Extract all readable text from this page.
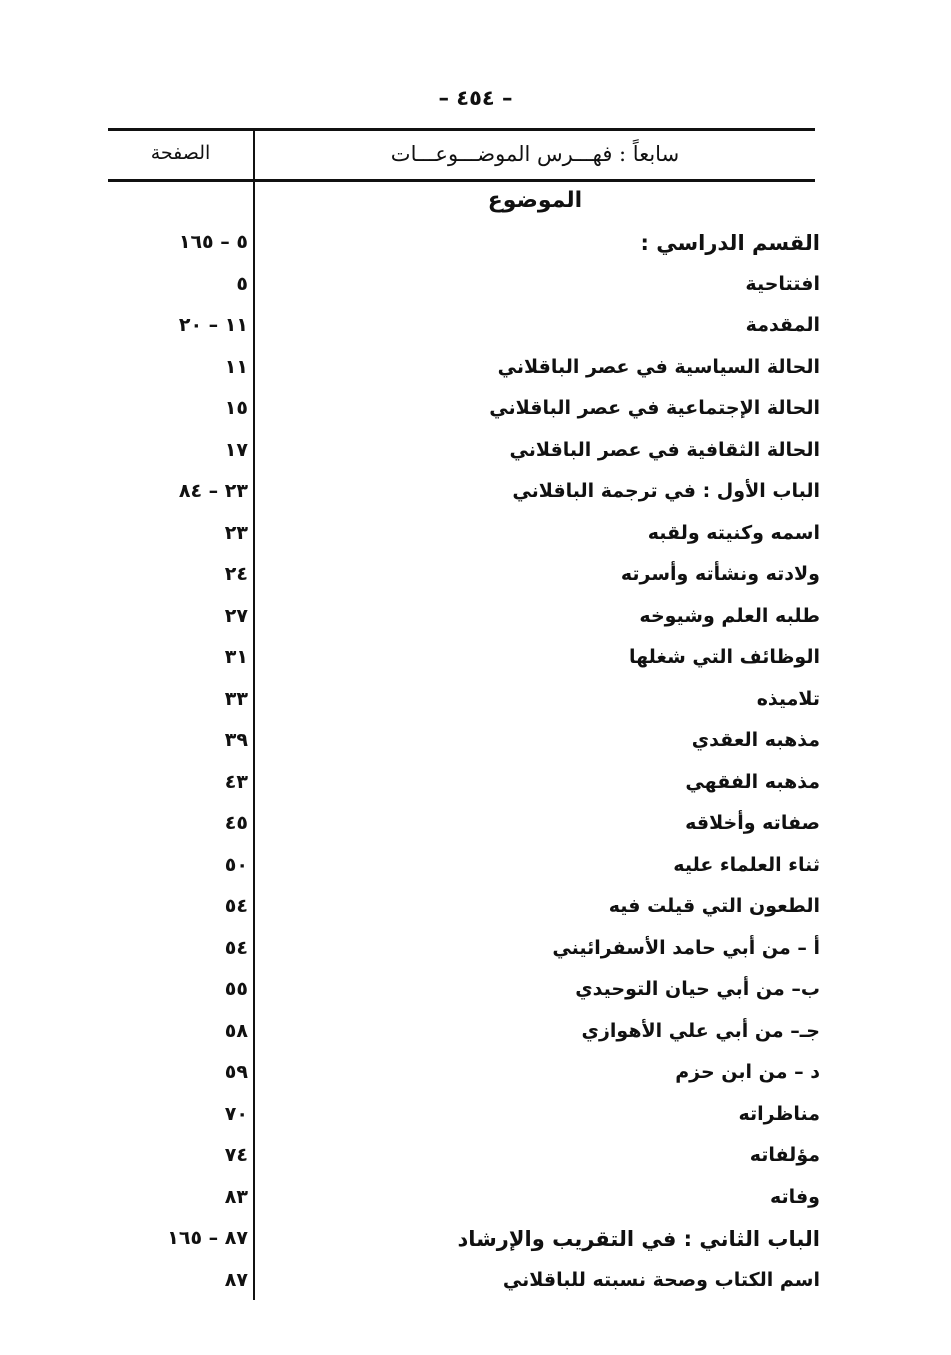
– ٤٥٤ –
الصفحة	سابعاً : فهـــرس الموضـــوعـــات
الموضوع
القسم الدراسي :
٥ – ١٦٥
افتتاحية
٥
المقدمة
١١ – ٢٠
الحالة السياسية في عصر الباقلاني
١١
الحالة الإجتماعية في عصر الباقلاني
١٥
الحالة الثقافية في عصر الباقلاني
١٧
الباب الأول : في ترجمة الباقلاني
٢٣ – ٨٤
اسمه وكنيته ولقبه
٢٣
ولادته ونشأته وأسرته
٢٤
طلبه العلم وشيوخه
٢٧
الوظائف التي شغلها
٣١
تلاميذه
٣٣
مذهبه العقدي
٣٩
مذهبه الفقهي
٤٣
صفاته وأخلاقه
٤٥
ثناء العلماء عليه
٥٠
الطعون التي قيلت فيه
٥٤
أ – من أبي حامد الأسفرائيني
٥٤
ب– من أبي حيان التوحيدي
٥٥
جـ– من أبي علي الأهوازي
٥٨
د – من ابن حزم
٥٩
مناظراته
٧٠
مؤلفاته
٧٤
وفاته
٨٣
الباب الثاني : في التقريب والإرشاد
٨٧ – ١٦٥
اسم الكتاب وصحة نسبته للباقلاني
٨٧
